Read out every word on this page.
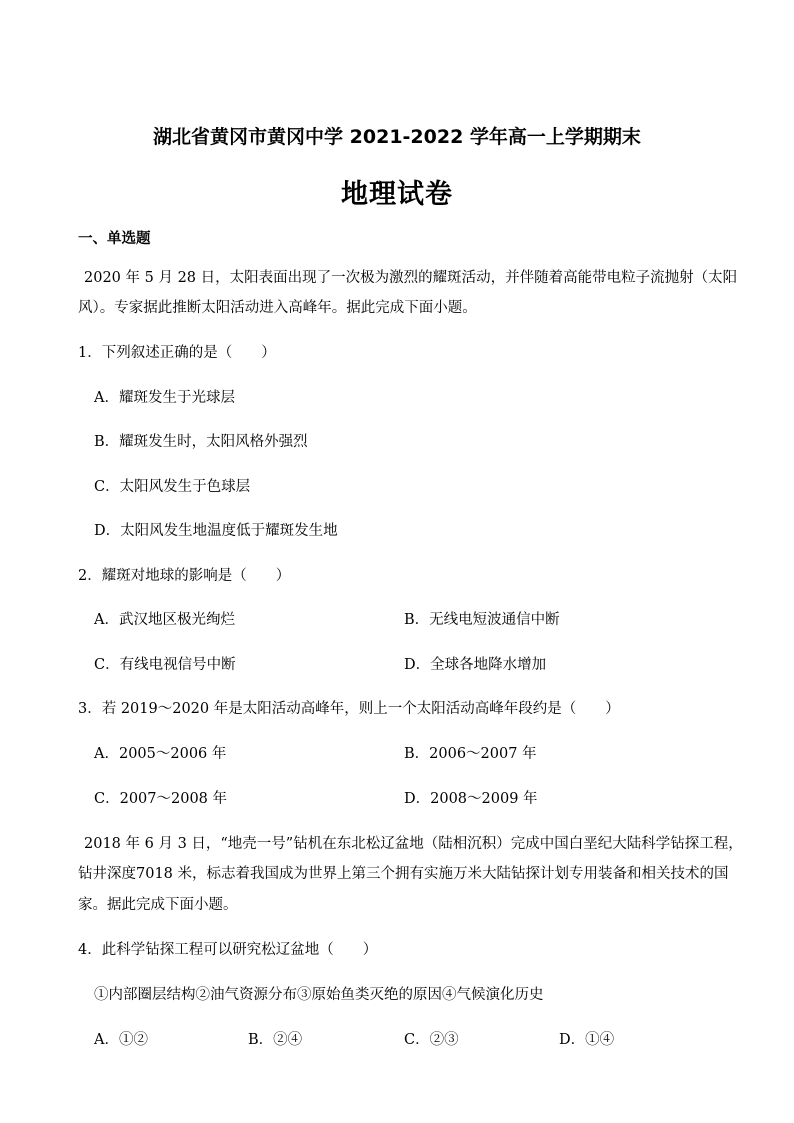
湖北省黄冈市黄冈中学 2021-2022 学年高一上学期期末
地理试卷
一、单选题
2020 年 5 月 28 日，太阳表面出现了一次极为激烈的耀斑活动，并伴随着高能带电粒子流抛射（太阳
风）。专家据此推断太阳活动进入高峰年。据此完成下面小题。
1．下列叙述正确的是（　　）
A．耀斑发生于光球层
B．耀斑发生时，太阳风格外强烈
C．太阳风发生于色球层
D．太阳风发生地温度低于耀斑发生地
2．耀斑对地球的影响是（　　）
A．武汉地区极光绚烂	B．无线电短波通信中断
C．有线电视信号中断	D．全球各地降水增加
3．若 2019～2020 年是太阳活动高峰年，则上一个太阳活动高峰年段约是（　　）
A．2005～2006 年	B．2006～2007 年
C．2007～2008 年	D．2008～2009 年
2018 年 6 月 3 日，“地壳一号”钻机在东北松辽盆地（陆相沉积）完成中国白垩纪大陆科学钻探工程，
钻井深度7018 米，标志着我国成为世界上第三个拥有实施万米大陆钻探计划专用装备和相关技术的国
家。据此完成下面小题。
4．此科学钻探工程可以研究松辽盆地（　　）
①内部圈层结构②油气资源分布③原始鱼类灭绝的原因④气候演化历史
A．①②	B．②④	C．②③	D．①④
